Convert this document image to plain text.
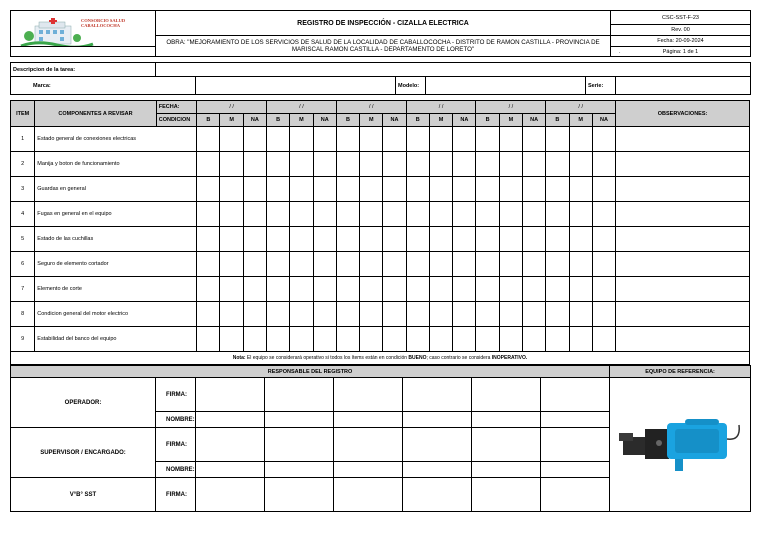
CONSORCIO SALUD CABALLOCOCHA	REGISTRO DE INSPECCIÓN - CIZALLA ELECTRICA	CSC-SST-F-23
		Rev. 00
	OBRA: "MEJORAMIENTO DE LOS SERVICIOS DE SALUD DE LA LOCALIDAD DE CABALLOCOCHA - DISTRITO DE RAMON CASTILLA - PROVINCIA DE MARISCAL RAMON CASTILLA - DEPARTAMENTO DE LORETO"	Fecha: 20-09-2024

		. Página: 1 de 1
Descripcion de la tarea:						
Marca:			Modelo:		Serie:	
ITEM	COMPONENTES A REVISAR	FECHA:	/ /			/ /			/ /			/ /			/ /			/ /			OBSERVACIONES:
		CONDICION	B	M	NA	B	M	NA	B	M	NA	B	M	NA	B	M	NA	B	M	NA	
1	Estado general de conexiones electricas																				
2	Manija y boton de funcionamiento																				
3	Guardas en general																				
4	Fugas en general en el equipo																				
5	Estado de las cuchillas																				
6	Seguro de elemento cortador																				
7	Elemento de corte																				
8	Condicion general del motor electrico																				
9	Estabilidad del banco del equipo																				
Nota: El equipo se considerará operativo si todos los ítems están en condición BUENO; caso contrario se considera INOPERATIVO.																					
RESPONSABLE DEL REGISTRO								EQUIPO DE REFERENCIA:
OPERADOR:	FIRMA:							
	NOMBRE:							
SUPERVISOR / ENCARGADO:	FIRMA:							
	NOMBRE:							
V°B° SST	FIRMA:							
